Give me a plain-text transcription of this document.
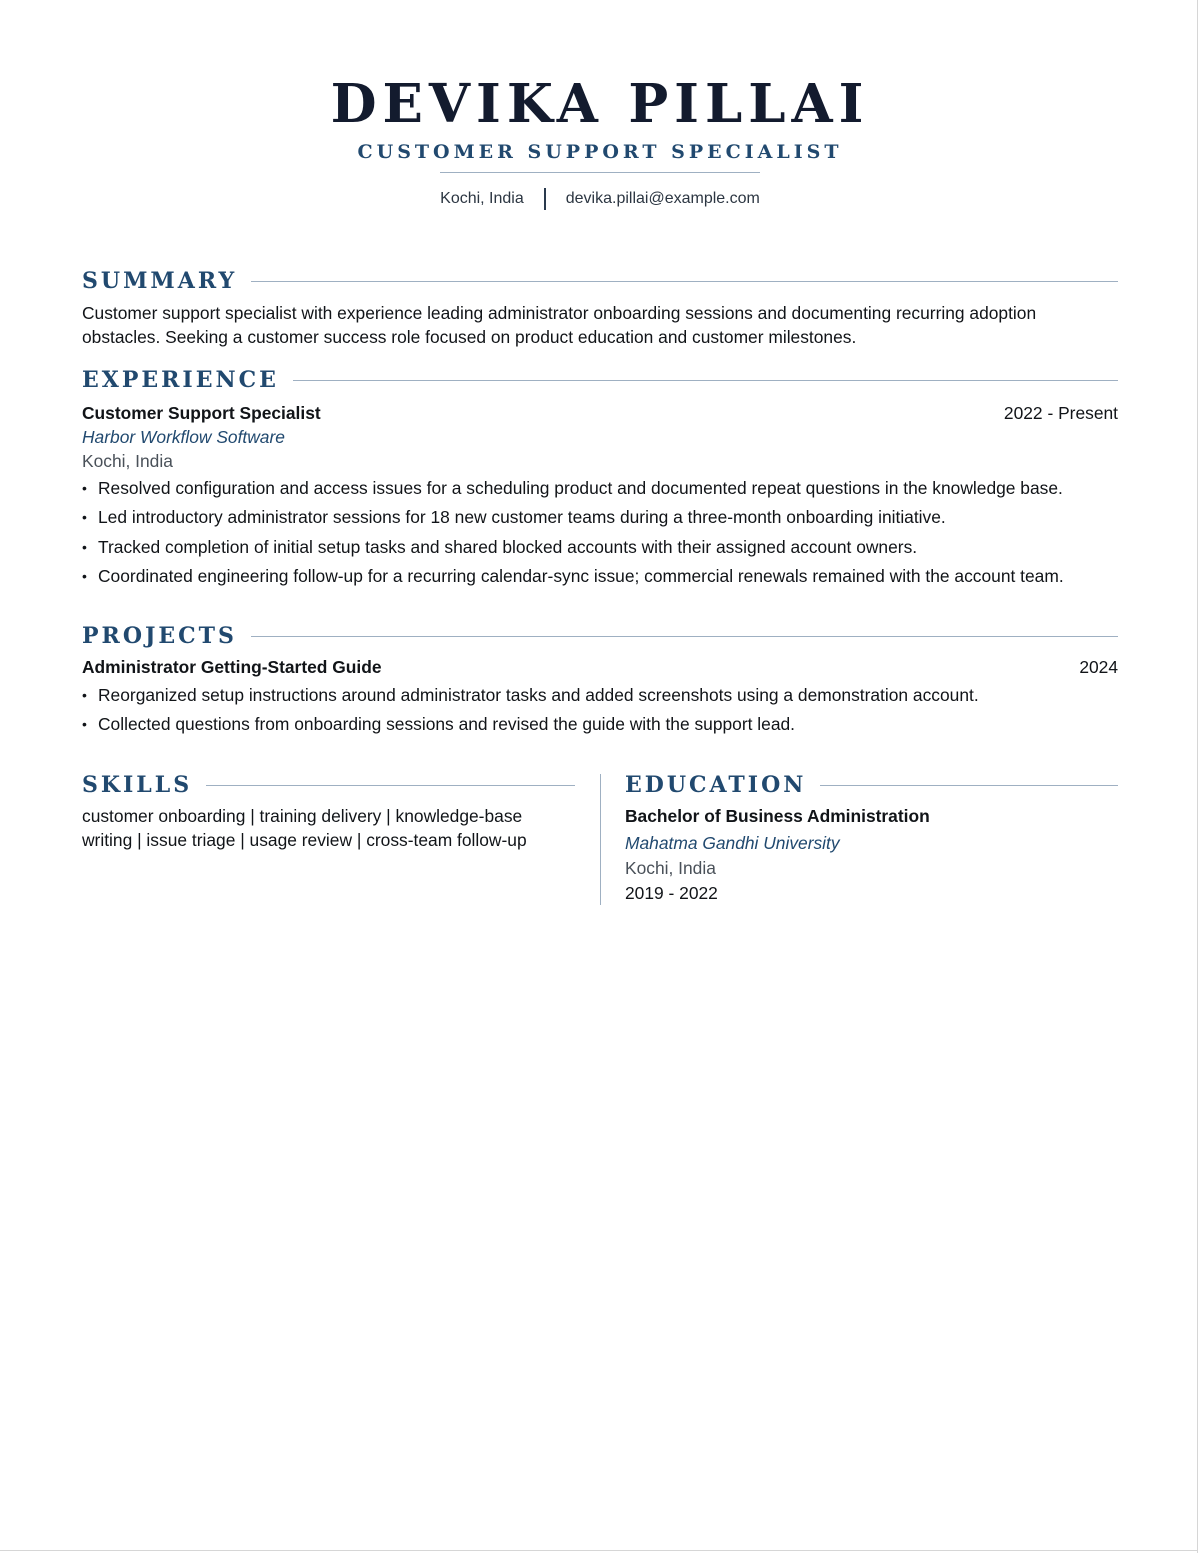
DEVIKA PILLAI
CUSTOMER SUPPORT SPECIALIST
Kochi, India	devika.pillai@example.com
SUMMARY
Customer support specialist with experience leading administrator onboarding sessions and documenting recurring adoption obstacles. Seeking a customer success role focused on product education and customer milestones.
EXPERIENCE
Customer Support Specialist	2022 - Present
Harbor Workflow Software
Kochi, India
• Resolved configuration and access issues for a scheduling product and documented repeat questions in the knowledge base.
• Led introductory administrator sessions for 18 new customer teams during a three-month onboarding initiative.
• Tracked completion of initial setup tasks and shared blocked accounts with their assigned account owners.
• Coordinated engineering follow-up for a recurring calendar-sync issue; commercial renewals remained with the account team.
PROJECTS
Administrator Getting-Started Guide	2024
• Reorganized setup instructions around administrator tasks and added screenshots using a demonstration account.
• Collected questions from onboarding sessions and revised the guide with the support lead.
SKILLS
customer onboarding | training delivery | knowledge-base
writing | issue triage | usage review | cross-team follow-up
EDUCATION
Bachelor of Business Administration
Mahatma Gandhi University
Kochi, India
2019 - 2022
